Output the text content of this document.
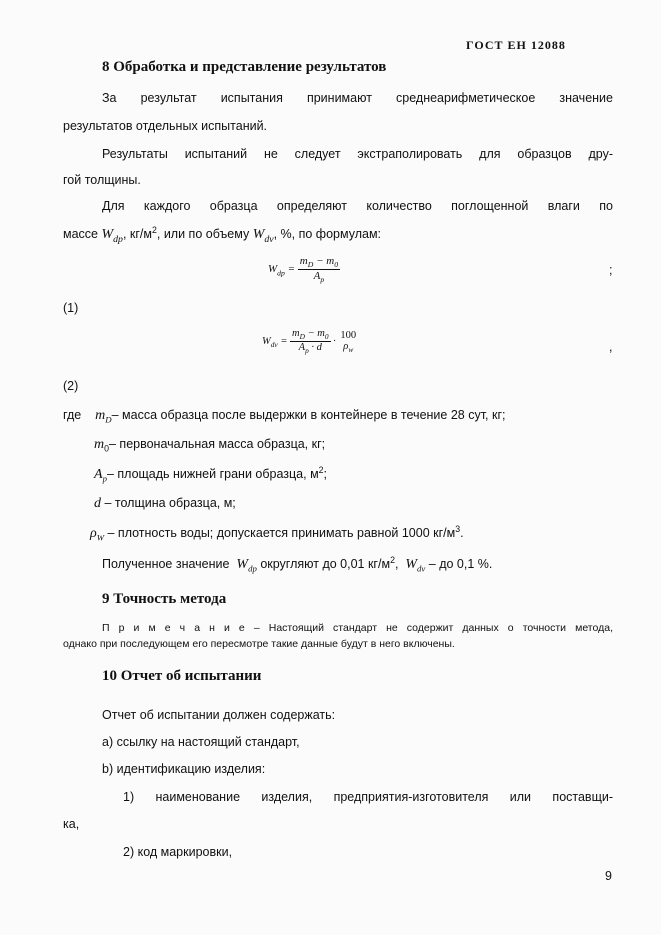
ГОСТ ЕН 12088
8 Обработка и представление результатов
За результат испытания принимают среднеарифметическое значение
результатов отдельных испытаний.
Результаты испытаний не следует экстраполировать для образцов дру-
гой толщины.
Для каждого образца определяют количество поглощенной влаги по
массе $W_{dp}$, $кг/м^2$, или по объему $W_{dv}$, %, по формулам:
$W_{dp} = \frac{m_D - m_0}{A_p}$	;
(1)
$W_{dv} = \frac{m_D - m_0}{A_p \cdot d}$ ·
100
$\rho_w$	,
(2)
где $m_D-$ масса образца после выдержки в контейнере в течение 28 сут, кг;
$m_0-$ первоначальная масса образца, кг;
$A_p-$ площадь нижней грани образца, $м^2$;
d – толщина образца, м;
$\rho_W$ – плотность воды; допускается принимать равной 1000 $кг/м^3$.
Полученное значение $W_{dp}$ округляют до 0,01 $кг/м^2$, $W_{dv}$ – до 0,1 %.
9 Точность метода
П р и м е ч а н и е – Настоящий стандарт не содержит данных о точности метода,
однако при последующем его пересмотре такие данные будут в него включены.
10 Отчет об испытании
Отчет об испытании должен содержать:
а) ссылку на настоящий стандарт,
b) идентификацию изделия:
1) наименование изделия, предприятия-изготовителя или поставщи-
ка,
2) код маркировки,
9
